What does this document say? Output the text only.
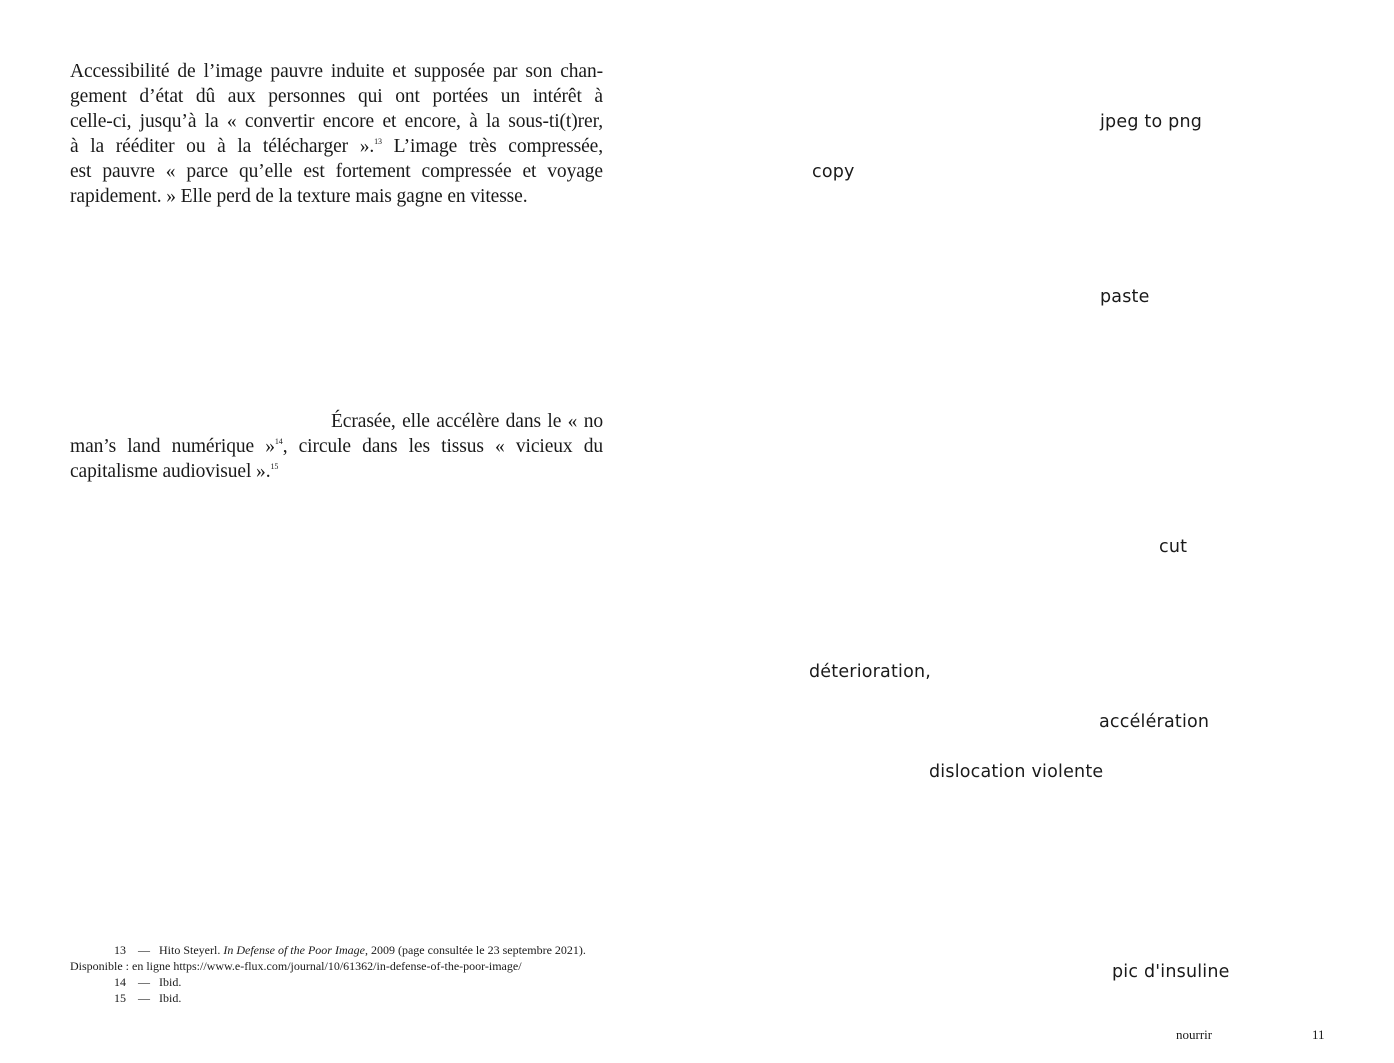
Accessibilité de l’image pauvre induite et supposée par son chan-
gement d’état dû aux personnes qui ont portées un intérêt à
celle-ci, jusqu’à la « convertir encore et encore, à la sous-ti(t)rer,
à la rééditer ou à la télécharger ».$^{13}$ L’image très compressée,
est pauvre « parce qu’elle est fortement compressée et voyage
rapidement. » Elle perd de la texture mais gagne en vitesse.
Écrasée, elle accélère dans le « no
man’s land numérique »$^{14}$, circule dans les tissus « vicieux du
capitalisme audiovisuel ».$^{15}$
jpeg to png
copy
paste
cut
déterioration,
accélération
dislocation violente
pic d'insuline
13 — Hito Steyerl. In Defense of the Poor Image, 2009 (page consultée le 23 septembre 2021).
Disponible : en ligne https://www.e-flux.com/journal/10/61362/in-defense-of-the-poor-image/
14 — Ibid.
15 — Ibid.
nourrir	11
